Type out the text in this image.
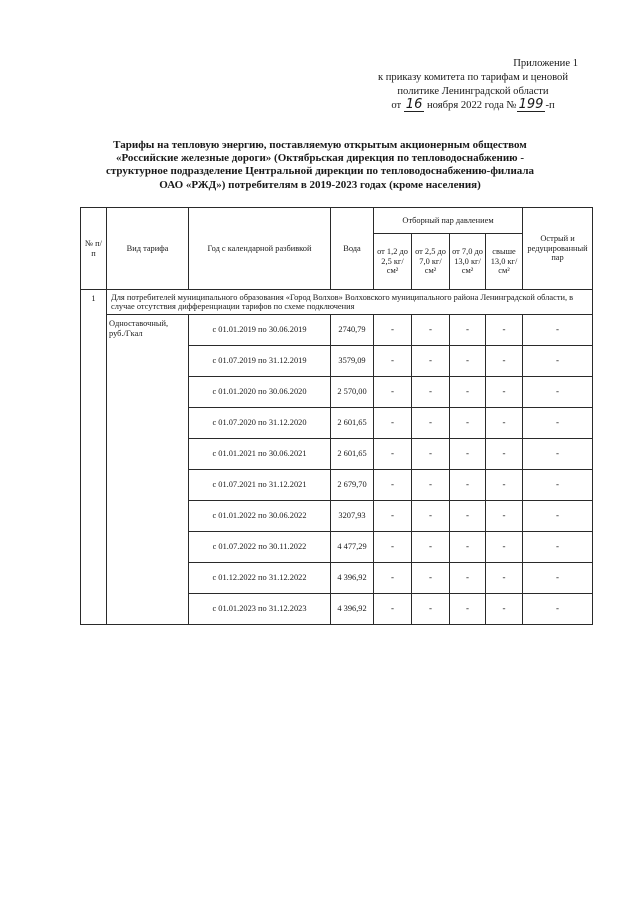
Приложение 1
к приказу комитета по тарифам и ценовой
политике Ленинградской области
от 16 ноября 2022 года № 199 -п
Тарифы на тепловую энергию, поставляемую открытым акционерным обществом
«Российские железные дороги» (Октябрьская дирекция по тепловодоснабжению -
структурное подразделение Центральной дирекции по тепловодоснабжению-филиала
ОАО «РЖД») потребителям в 2019-2023 годах (кроме населения)
№ п/п	Вид тарифа	Год с календарной разбивкой	Вода	Отборный пар давлением				Острый и редуцированный пар
				от 1,2 до 2,5 кг/см²	от 2,5 до 7,0 кг/см²	от 7,0 до 13,0 кг/см²	свыше 13,0 кг/см²	
1	Для потребителей муниципального образования «Город Волхов» Волховского муниципального района Ленинградской области, в случае отсутствия дифференциации тарифов по схеме подключения							
	Одноставочный, руб./Гкал	с 01.01.2019 по 30.06.2019	2740,79	-	-	-	-	-
		с 01.07.2019 по 31.12.2019	3579,09	-	-	-	-	-
		с 01.01.2020 по 30.06.2020	2 570,00	-	-	-	-	-
		с 01.07.2020 по 31.12.2020	2 601,65	-	-	-	-	-
		с 01.01.2021 по 30.06.2021	2 601,65	-	-	-	-	-
		с 01.07.2021 по 31.12.2021	2 679,70	-	-	-	-	-
		с 01.01.2022 по 30.06.2022	3207,93	-	-	-	-	-
		с 01.07.2022 по 30.11.2022	4 477,29	-	-	-	-	-
		с 01.12.2022 по 31.12.2022	4 396,92	-	-	-	-	-
		с 01.01.2023 по 31.12.2023	4 396,92	-	-	-	-	-
